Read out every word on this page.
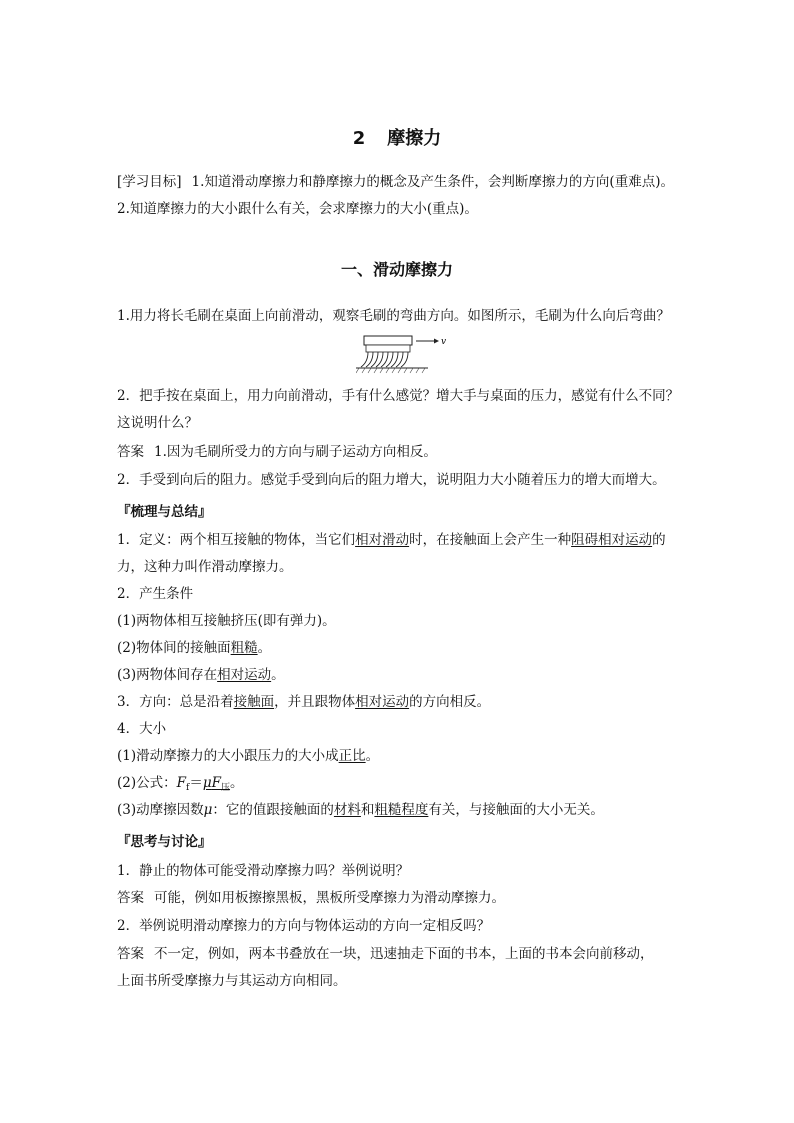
2 摩擦力
[学习目标] 1.知道滑动摩擦力和静摩擦力的概念及产生条件，会判断摩擦力的方向(重难点)。
2.知道摩擦力的大小跟什么有关，会求摩擦力的大小(重点)。
一、滑动摩擦力
1.用力将长毛刷在桌面上向前滑动，观察毛刷的弯曲方向。如图所示，毛刷为什么向后弯曲？
v
2．把手按在桌面上，用力向前滑动，手有什么感觉？增大手与桌面的压力，感觉有什么不同？
这说明什么？
答案 1.因为毛刷所受力的方向与刷子运动方向相反。
2．手受到向后的阻力。感觉手受到向后的阻力增大，说明阻力大小随着压力的增大而增大。
『梳理与总结』
1．定义：两个相互接触的物体，当它们相对滑动时，在接触面上会产生一种阻碍相对运动的
力，这种力叫作滑动摩擦力。
2．产生条件
(1)两物体相互接触挤压(即有弹力)。
(2)物体间的接触面粗糙。
(3)两物体间存在相对运动。
3．方向：总是沿着接触面，并且跟物体相对运动的方向相反。
4．大小
(1)滑动摩擦力的大小跟压力的大小成正比。
(2)公式：$F_f=\mu F_压$。
(3)动摩擦因数μ：它的值跟接触面的材料和粗糙程度有关，与接触面的大小无关。
『思考与讨论』
1．静止的物体可能受滑动摩擦力吗？举例说明？
答案 可能，例如用板擦擦黑板，黑板所受摩擦力为滑动摩擦力。
2．举例说明滑动摩擦力的方向与物体运动的方向一定相反吗？
答案 不一定，例如，两本书叠放在一块，迅速抽走下面的书本，上面的书本会向前移动，
上面书所受摩擦力与其运动方向相同。
